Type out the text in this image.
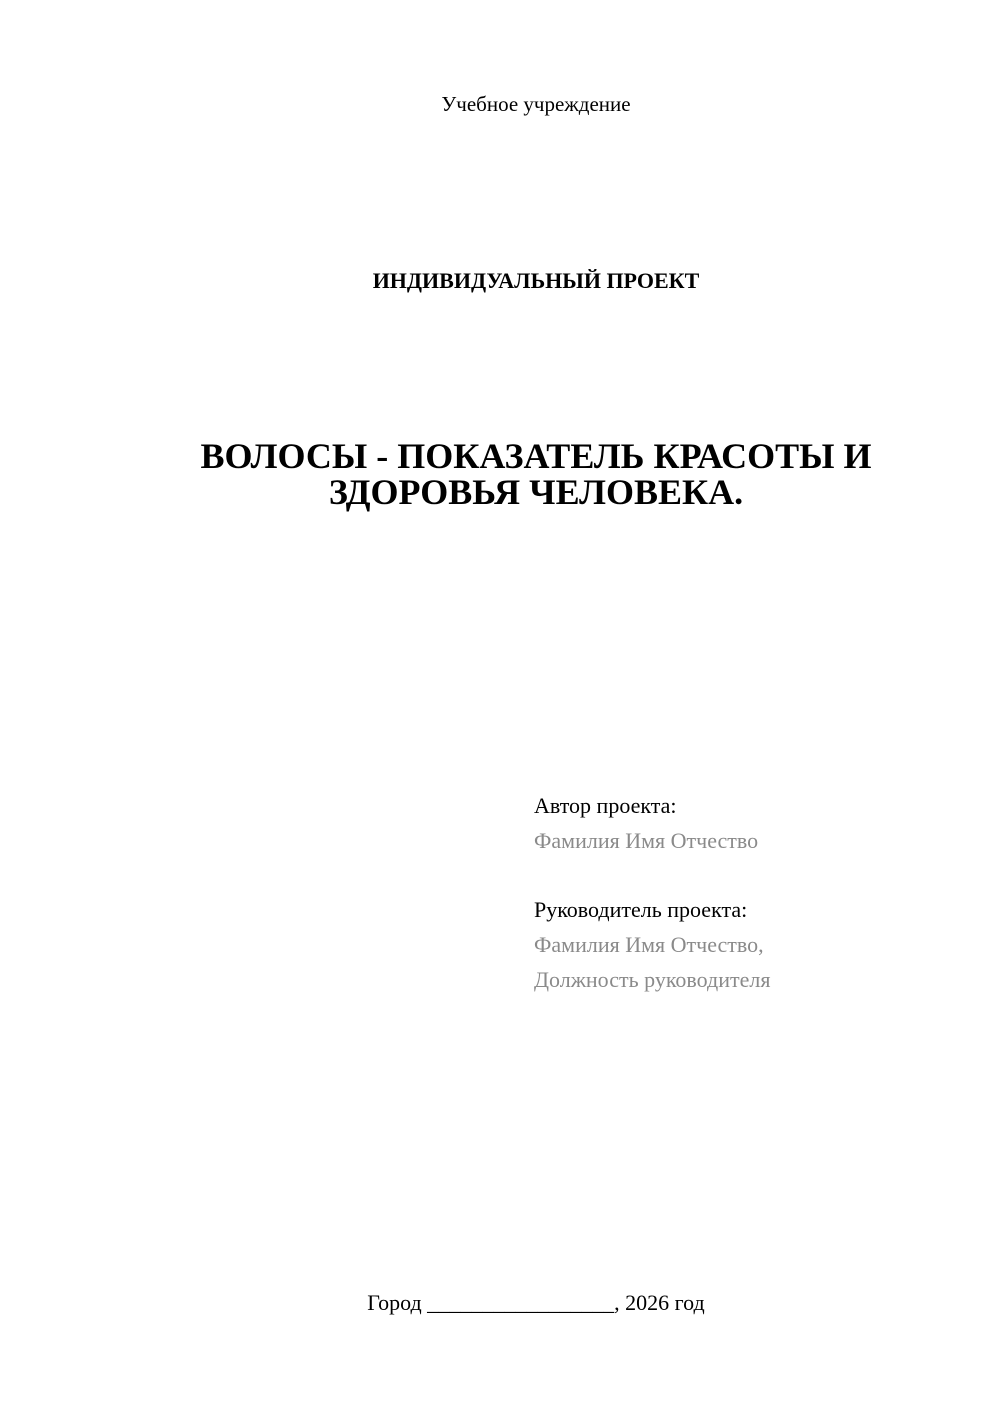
Учебное учреждение
ИНДИВИДУАЛЬНЫЙ ПРОЕКТ
ВОЛОСЫ - ПОКАЗАТЕЛЬ КРАСОТЫ И
ЗДОРОВЬЯ ЧЕЛОВЕКА.
Автор проекта:
Фамилия Имя Отчество
Руководитель проекта:
Фамилия Имя Отчество,
Должность руководителя
Город _________________, 2026 год
